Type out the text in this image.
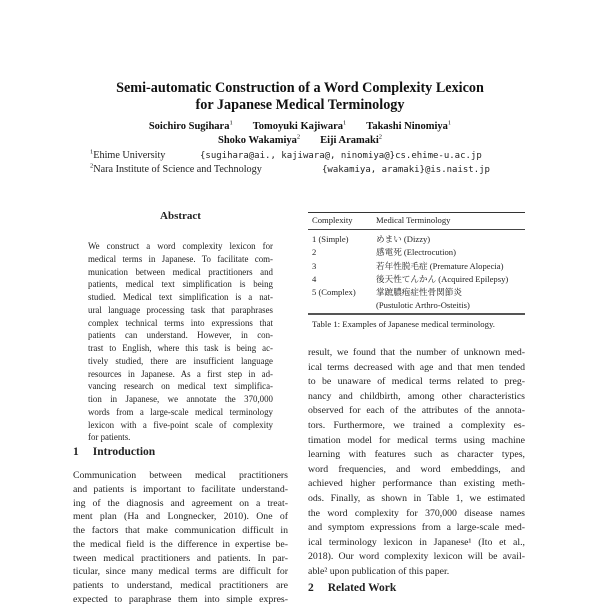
Semi-automatic Construction of a Word Complexity Lexicon
for Japanese Medical Terminology
Soichiro Sugihara$^1$ Tomoyuki Kajiwara$^1$ Takashi Ninomiya$^1$
Shoko Wakamiya$^2$ Eiji Aramaki$^2$
$^1$Ehime University	{sugihara@ai., kajiwara@, ninomiya@}cs.ehime-u.ac.jp
$^2$Nara Institute of Science and Technology	{wakamiya, aramaki}@is.naist.jp
Abstract
We construct a word complexity lexicon for
medical terms in Japanese. To facilitate com-
munication between medical practitioners and
patients, medical text simplification is being
studied. Medical text simplification is a nat-
ural language processing task that paraphrases
complex technical terms into expressions that
patients can understand. However, in con-
trast to English, where this task is being ac-
tively studied, there are insufficient language
resources in Japanese. As a first step in ad-
vancing research on medical text simplifica-
tion in Japanese, we annotate the 370,000
words from a large-scale medical terminology
lexicon with a five-point scale of complexity
for patients.
1 Introduction
Communication between medical practitioners
and patients is important to facilitate understand-
ing of the diagnosis and agreement on a treat-
ment plan (Ha and Longnecker, 2010). One of
the factors that make communication difficult in
the medical field is the difference in expertise be-
tween medical practitioners and patients. In par-
ticular, since many medical terms are difficult for
patients to understand, medical practitioners are
expected to paraphrase them into simple expres-
Complexity	Medical Terminology
1 (Simple)	めまい (Dizzy)
2	感電死 (Electrocution)
3	若年性脱毛症 (Premature Alopecia)
4	後天性てんかん (Acquired Epilepsy)
5 (Complex)	掌蹠膿疱症性骨関節炎
	(Pustulotic Arthro-Osteitis)
Table 1: Examples of Japanese medical terminology.
result, we found that the number of unknown med-
ical terms decreased with age and that men tended
to be unaware of medical terms related to preg-
nancy and childbirth, among other characteristics
observed for each of the attributes of the annota-
tors. Furthermore, we trained a complexity es-
timation model for medical terms using machine
learning with features such as character types,
word frequencies, and word embeddings, and
achieved higher performance than existing meth-
ods. Finally, as shown in Table 1, we estimated
the word complexity for 370,000 disease names
and symptom expressions from a large-scale med-
ical terminology lexicon in Japanese¹ (Ito et al.,
2018). Our word complexity lexicon will be avail-
able² upon publication of this paper.
2 Related Work
